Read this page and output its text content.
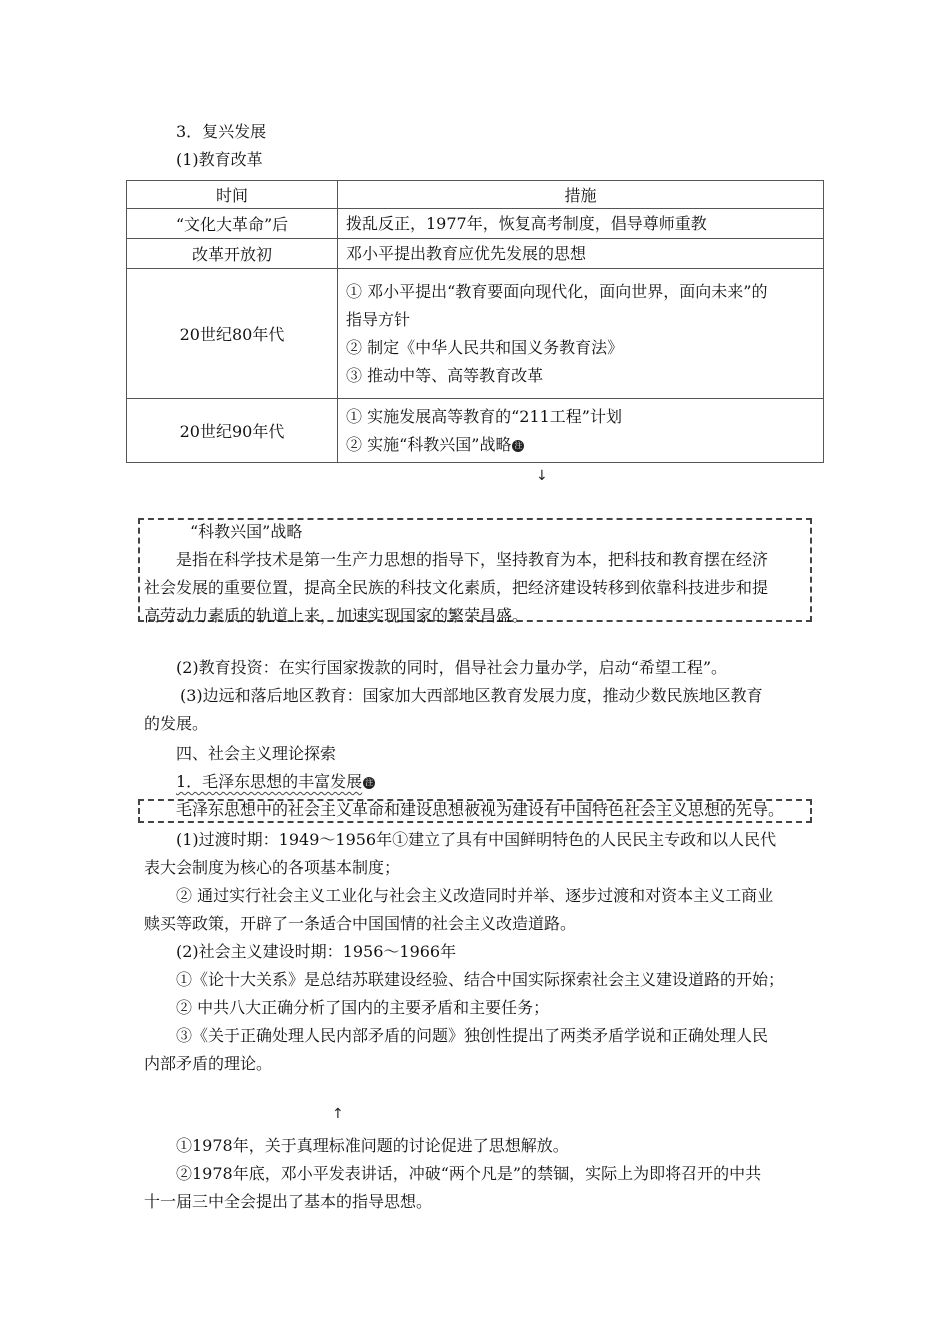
3．复兴发展
(1)教育改革
时间	措施
“文化大革命”后	拨乱反正，1977年，恢复高考制度，倡导尊师重教
改革开放初	邓小平提出教育应优先发展的思想
20世纪80年代	① 邓小平提出“教育要面向现代化，面向世界，面向未来”的
指导方针
② 制定《中华人民共和国义务教育法》
③ 推动中等、高等教育改革

20世纪90年代	① 实施发展高等教育的“211工程”计划
② 实施“科教兴国”战略 注
↓
“科教兴国”战略
是指在科学技术是第一生产力思想的指导下，坚持教育为本，把科技和教育摆在经济
社会发展的重要位置，提高全民族的科技文化素质，把经济建设转移到依靠科技进步和提
高劳动力素质的轨道上来，加速实现国家的繁荣昌盛。
(2)教育投资：在实行国家拨款的同时，倡导社会力量办学，启动“希望工程”。
(3)边远和落后地区教育：国家加大西部地区教育发展力度，推动少数民族地区教育
的发展。
四、社会主义理论探索
1．毛泽东思想的丰富发展 注
毛泽东思想中的社会主义革命和建设思想被视为建设有中国特色社会主义思想的先导。
(1)过渡时期：1949～1956年①建立了具有中国鲜明特色的人民民主专政和以人民代
表大会制度为核心的各项基本制度；
② 通过实行社会主义工业化与社会主义改造同时并举、逐步过渡和对资本主义工商业
赎买等政策，开辟了一条适合中国国情的社会主义改造道路。
(2)社会主义建设时期：1956～1966年
①《论十大关系》是总结苏联建设经验、结合中国实际探索社会主义建设道路的开始；
② 中共八大正确分析了国内的主要矛盾和主要任务；
③《关于正确处理人民内部矛盾的问题》独创性提出了两类矛盾学说和正确处理人民
内部矛盾的理论。
↑
①1978年，关于真理标准问题的讨论促进了思想解放。
②1978年底，邓小平发表讲话，冲破“两个凡是”的禁锢，实际上为即将召开的中共
十一届三中全会提出了基本的指导思想。
